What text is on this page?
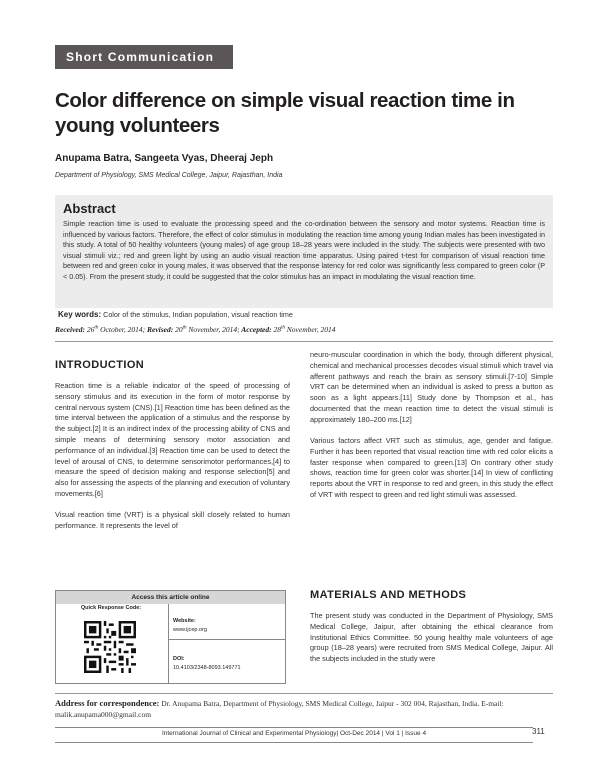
Short Communication
Color difference on simple visual reaction time in young volunteers
Anupama Batra, Sangeeta Vyas, Dheeraj Jeph
Department of Physiology, SMS Medical College, Jaipur, Rajasthan, India
Abstract
Simple reaction time is used to evaluate the processing speed and the co-ordination between the sensory and motor systems. Reaction time is influenced by various factors. Therefore, the effect of color stimulus in modulating the reaction time among young Indian males has been investigated in this study. A total of 50 healthy volunteers (young males) of age group 18–28 years were included in the study. The subjects were presented with two visual stimuli viz.; red and green light by using an audio visual reaction time apparatus. Using paired t-test for comparison of visual reaction time between red and green color in young males, it was observed that the response latency for red color was significantly less compared to green color (P < 0.05). From the present study, it could be suggested that the color stimulus has an impact in modulating the visual reaction time.
Key words: Color of the stimulus, Indian population, visual reaction time
Received: 26th October, 2014; Revised: 20th November, 2014; Accepted: 28th November, 2014
INTRODUCTION

Reaction time is a reliable indicator of the speed of processing of sensory stimulus and its execution in the form of motor response by central nervous system (CNS).[1] Reaction time has been defined as the time interval between the application of a stimulus and the response by the subject.[2] It is an indirect index of the processing ability of CNS and simple means of determining sensory motor association and performance of an individual.[3] Reaction time can be used to detect the level of arousal of CNS, to determine sensorimotor performances,[4] to measure the speed of decision making and response selection[5] and also for assessing the aspects of the planning and execution of voluntary movements.[6]

Visual reaction time (VRT) is a physical skill closely related to human performance. It represents the level of

neuro-muscular coordination in which the body, through different physical, chemical and mechanical processes decodes visual stimuli which travel via afferent pathways and reach the brain as sensory stimuli.[7-10] Simple VRT can be determined when an individual is asked to press a button as soon as a light appears.[11] Study done by Thompson et al., has documented that the mean reaction time to detect the visual stimuli is approximately 180–200 ms.[12]

Various factors affect VRT such as stimulus, age, gender and fatigue. Further it has been reported that visual reaction time with red color elicits a faster response when compared to green.[13] On contrary other study shows, reaction time for green color was shorter.[14] In view of conflicting reports about the VRT in response to red and green, in this study the effect of VRT with respect to green and red light stimuli was assessed.

MATERIALS AND METHODS

The present study was conducted in the Department of Physiology, SMS Medical College, Jaipur, after obtaining the ethical clearance from Institutional Ethics Committee. 50 young healthy male volunteers of age group (18–28 years) were recruited from SMS Medical College, Jaipur. All the subjects included in the study were

Access this article online
Quick Response Code:
Website:
www.ijcep.org
DOI:
10.4103/2348-8093.149771
Address for correspondence: Dr. Anupama Batra, Department of Physiology, SMS Medical College, Jaipur - 302 004, Rajasthan, India. E-mail: malik.anupama000@gmail.com
International Journal of Clinical and Experimental Physiology| Oct-Dec 2014 | Vol 1 | Issue 4	311
